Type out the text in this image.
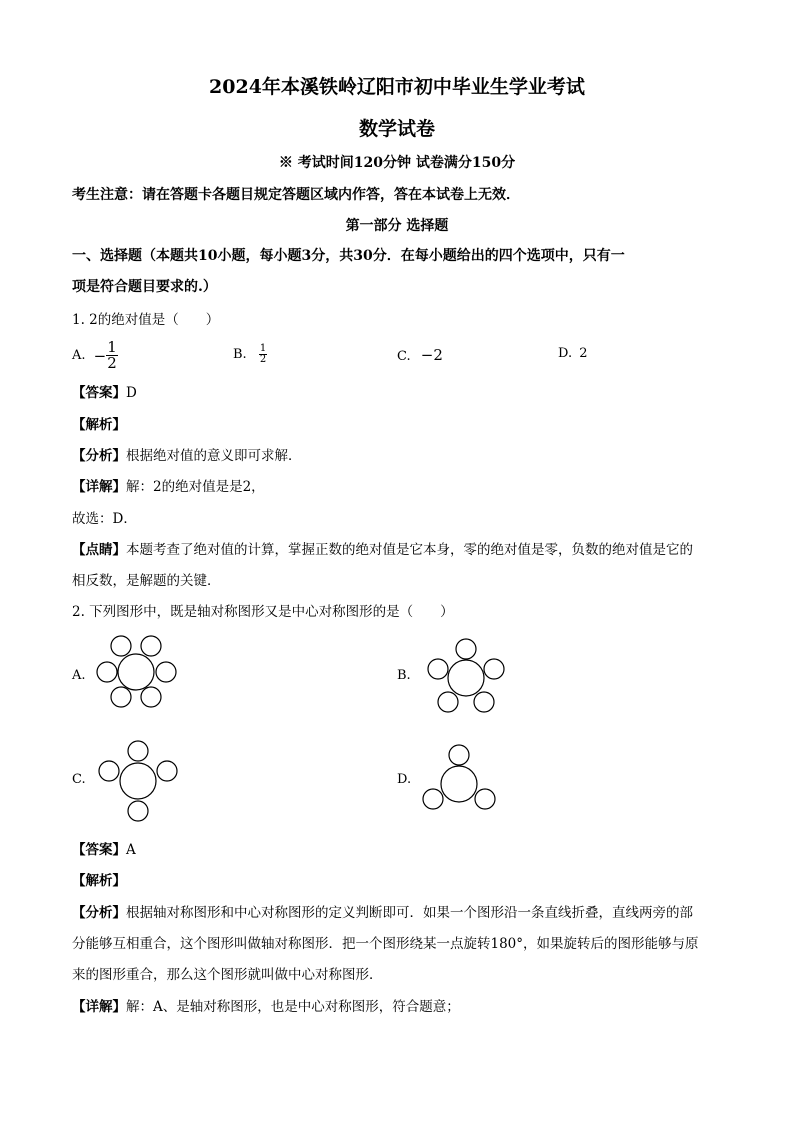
2024年本溪铁岭辽阳市初中毕业生学业考试
数学试卷
※ 考试时间120分钟 试卷满分150分
考生注意：请在答题卡各题目规定答题区域内作答，答在本试卷上无效．
第一部分 选择题
一、选择题（本题共10小题，每小题3分，共30分．在每小题给出的四个选项中，只有一
项是符合题目要求的.）
1. 2的绝对值是（　　）
A. − $\frac{1}{2}$	B. $\frac{1}{2}$	C. −2	D. 2
【答案】D
【解析】
【分析】根据绝对值的意义即可求解．
【详解】解：2的绝对值是是2，
故选：D．
【点睛】本题考查了绝对值的计算，掌握正数的绝对值是它本身，零的绝对值是零，负数的绝对值是它的
相反数，是解题的关键．
2. 下列图形中，既是轴对称图形又是中心对称图形的是（　　）
A.	B.
C.	D.
【答案】A
【解析】
【分析】根据轴对称图形和中心对称图形的定义判断即可．如果一个图形沿一条直线折叠，直线两旁的部
分能够互相重合，这个图形叫做轴对称图形．把一个图形绕某一点旋转180°，如果旋转后的图形能够与原
来的图形重合，那么这个图形就叫做中心对称图形．
【详解】解：A、是轴对称图形，也是中心对称图形，符合题意；
